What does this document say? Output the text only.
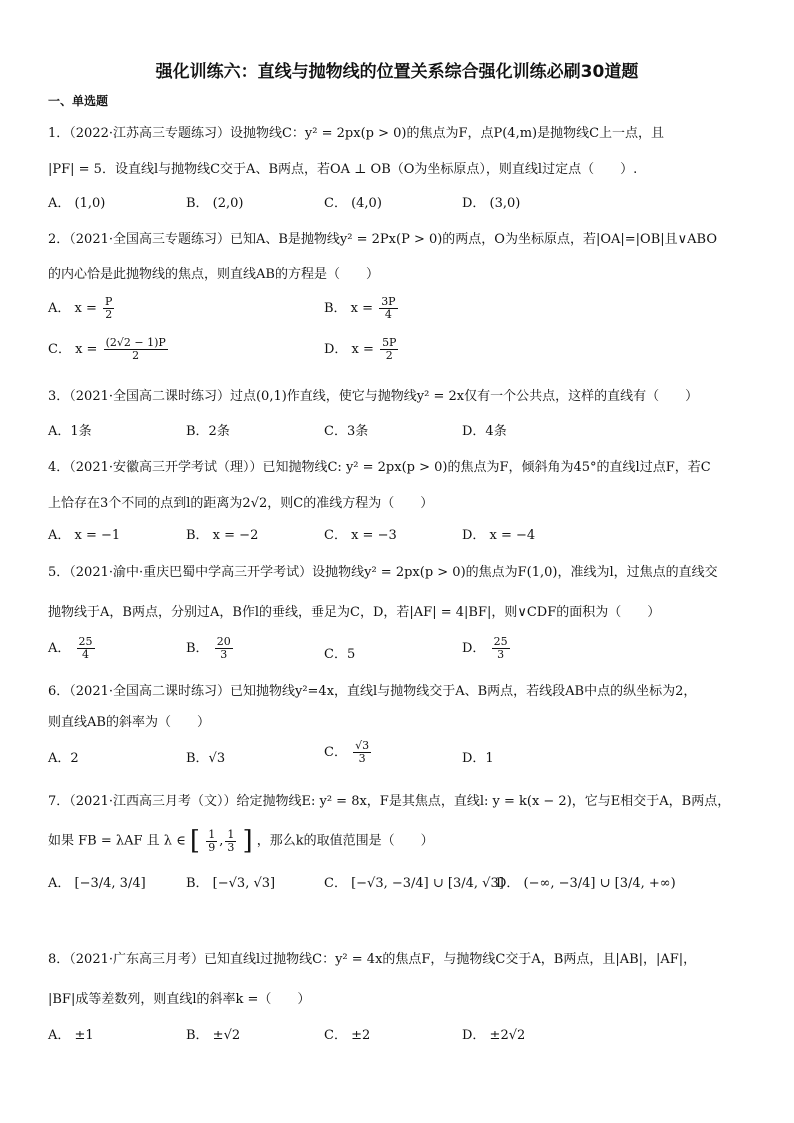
强化训练六：直线与抛物线的位置关系综合强化训练必刷30道题
一、单选题
1．（2022·江苏高三专题练习）设抛物线C：y² = 2px(p > 0)的焦点为F，点P(4,m)是抛物线C上一点，且
|PF| = 5．设直线l与抛物线C交于A、B两点，若OA ⊥ OB（O为坐标原点），则直线l过定点（　　）.
A． (1,0)	B． (2,0)	C． (4,0)	D． (3,0)
2．（2021·全国高三专题练习）已知A、B是抛物线y² = 2Px(P > 0)的两点，O为坐标原点，若|OA|=|OB|且∨ABO
的内心恰是此抛物线的焦点，则直线AB的方程是（　　）
A． $x = \frac{P}{2}$	B． $x = \frac{3P}{4}$
C． $x = \frac{(2√2 - 1)P}{2}$	D． $x = \frac{5P}{2}$
3．（2021·全国高二课时练习）过点(0,1)作直线，使它与抛物线y² = 2x仅有一个公共点，这样的直线有（　　）
A．1条	B．2条	C．3条	D．4条
4．（2021·安徽高三开学考试（理））已知抛物线C: y² = 2px(p > 0)的焦点为F，倾斜角为45°的直线l过点F，若C
上恰存在3个不同的点到l的距离为2√2，则C的准线方程为（　　）
A． x = −1	B． x = −2	C． x = −3	D． x = −4
5．（2021·渝中·重庆巴蜀中学高三开学考试）设抛物线y² = 2px(p > 0)的焦点为F(1,0)，准线为l，过焦点的直线交
抛物线于A，B两点，分别过A，B作l的垂线，垂足为C，D，若|AF| = 4|BF|，则∨CDF的面积为（　　）
A． $\frac{25}{4}$	B． $\frac{20}{3}$	C．5	D． $\frac{25}{3}$
6．（2021·全国高二课时练习）已知抛物线y²=4x，直线l与抛物线交于A、B两点，若线段AB中点的纵坐标为2，
则直线AB的斜率为（　　）
A．2	B．√3	C． $\frac{√3}{3}$	D．1
7．（2021·江西高三月考（文））给定抛物线E: y² = 8x，F是其焦点，直线l: y = k(x − 2)，它与E相交于A，B两点，
如果 FB = λAF 且 λ ∈ [ $\frac{1}{9}$ , $\frac{1}{3}$ ] ，那么k的取值范围是（　　）
A． [−3/4, 3/4]	B． [−√3, √3]	C． [−√3, −3/4] ∪ [3/4, √3]
D． (−∞, −3/4] ∪ [3/4, +∞)
8．（2021·广东高三月考）已知直线l过抛物线C：y² = 4x的焦点F，与抛物线C交于A，B两点，且|AB|，|AF|，
|BF|成等差数列，则直线l的斜率k =（　　）
A． ±1	B． ±√2	C． ±2	D． ±2√2
